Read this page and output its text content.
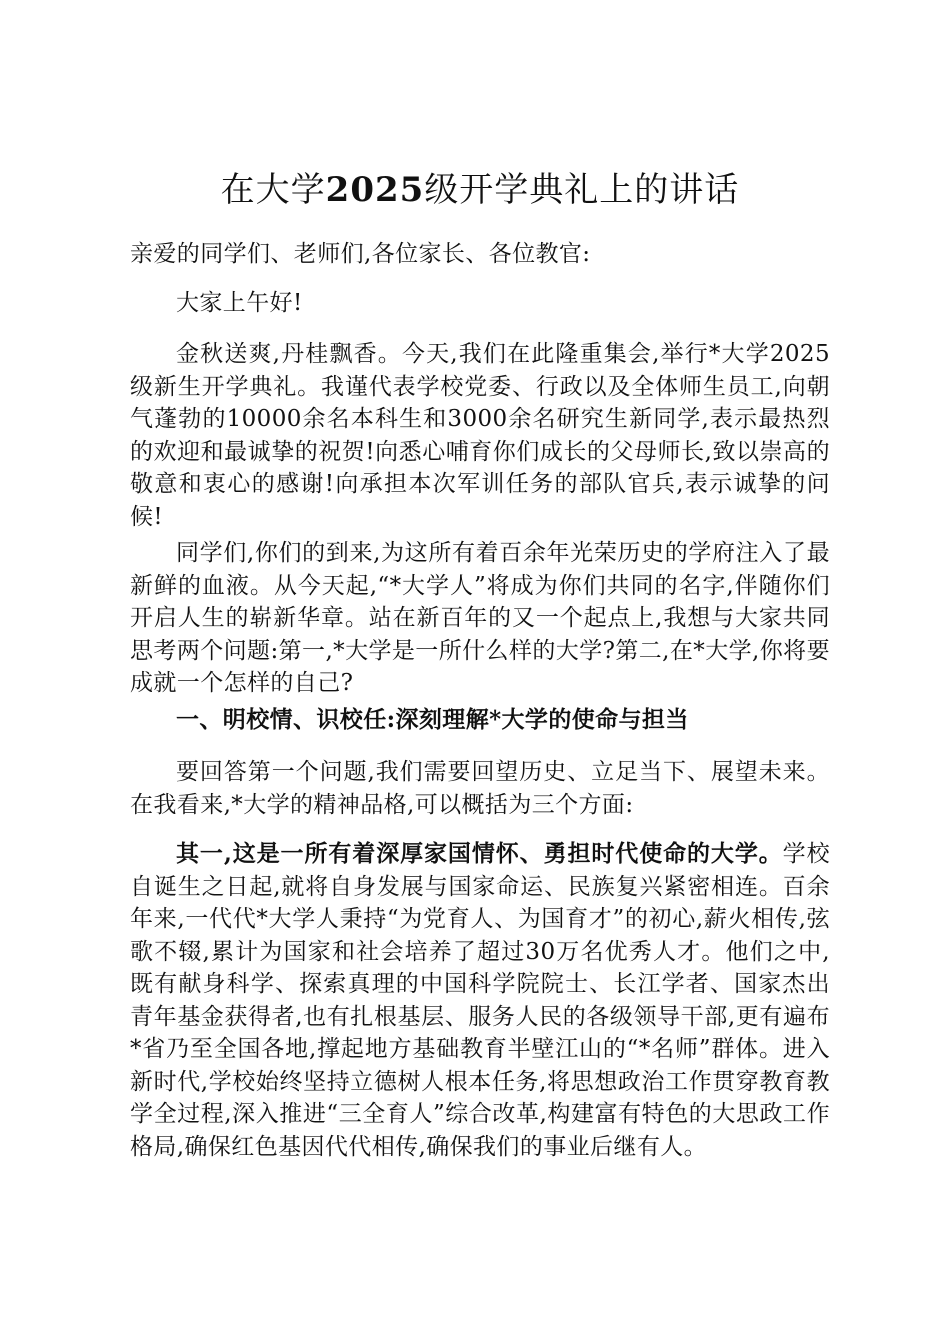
在大学2025级开学典礼上的讲话

亲爱的同学们、老师们,各位家长、各位教官:

大家上午好!

金秋送爽,丹桂飘香。今天,我们在此隆重集会,举行*大学2025级新生开学典礼。我谨代表学校党委、行政以及全体师生员工,向朝气蓬勃的10000余名本科生和3000余名研究生新同学,表示最热烈的欢迎和最诚挚的祝贺!向悉心哺育你们成长的父母师长,致以崇高的敬意和衷心的感谢!向承担本次军训任务的部队官兵,表示诚挚的问候!

同学们,你们的到来,为这所有着百余年光荣历史的学府注入了最新鲜的血液。从今天起,“*大学人”将成为你们共同的名字,伴随你们开启人生的崭新华章。站在新百年的又一个起点上,我想与大家共同思考两个问题:第一,*大学是一所什么样的大学?第二,在*大学,你将要成就一个怎样的自己?

一、明校情、识校任:深刻理解*大学的使命与担当

要回答第一个问题,我们需要回望历史、立足当下、展望未来。在我看来,*大学的精神品格,可以概括为三个方面:

其一,这是一所有着深厚家国情怀、勇担时代使命的大学。学校自诞生之日起,就将自身发展与国家命运、民族复兴紧密相连。百余年来,一代代*大学人秉持“为党育人、为国育才”的初心,薪火相传,弦歌不辍,累计为国家和社会培养了超过30万名优秀人才。他们之中,既有献身科学、探索真理的中国科学院院士、长江学者、国家杰出青年基金获得者,也有扎根基层、服务人民的各级领导干部,更有遍布*省乃至全国各地,撑起地方基础教育半壁江山的“*名师”群体。进入新时代,学校始终坚持立德树人根本任务,将思想政治工作贯穿教育教学全过程,深入推进“三全育人”综合改革,构建富有特色的大思政工作格局,确保红色基因代代相传,确保我们的事业后继有人。
